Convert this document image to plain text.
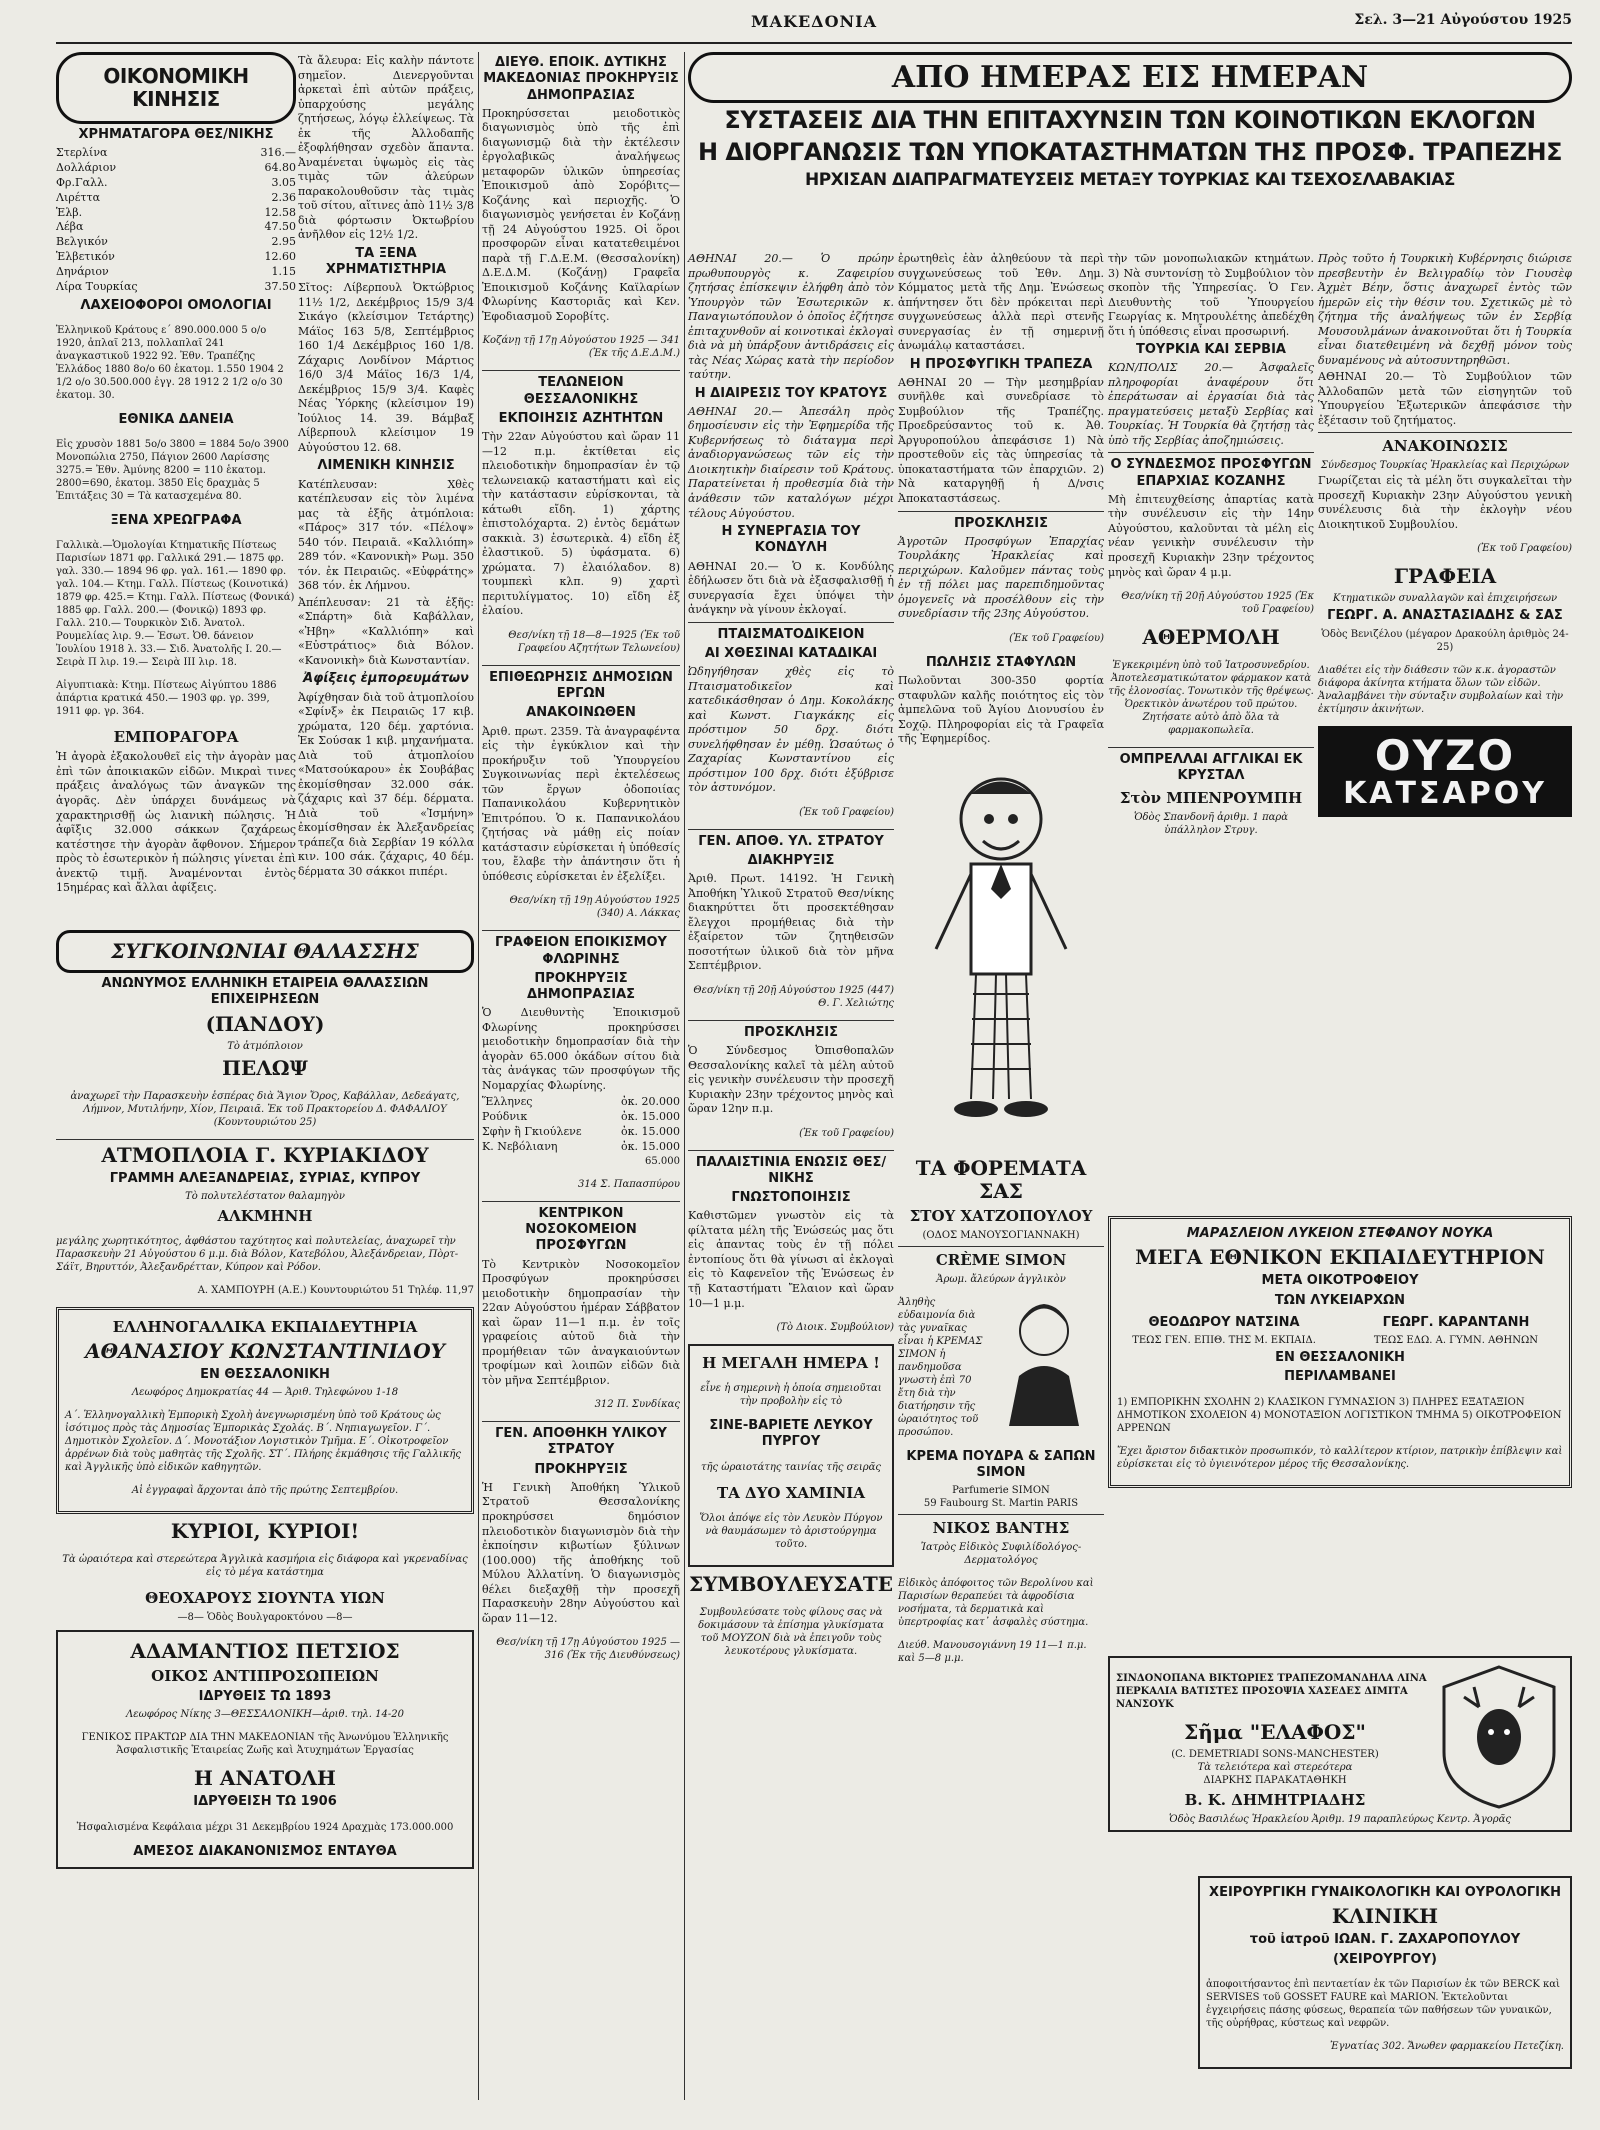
ΜΑΚΕΔΟΝΙΑ	Σελ. 3—21 Αὐγούστου 1925
ΟΙΚΟΝΟΜΙΚΗ ΚΙΝΗΣΙΣ
ΧΡΗΜΑΤΑΓΟΡΑ ΘΕΣ/ΝΙΚΗΣ
Στερλίνα	316.—
Δολλάριον	64.80
Φρ.Γαλλ.	3.05
Λιρέττα	2.36
Ἑλβ.	12.58
Λέβα	47.50
Βελγικόν	2.95
Ἑλβετικόν	12.60
Δηνάριον	1.15
Λίρα Τουρκίας	37.50
ΛΑΧΕΙΟΦΟΡΟΙ ΟΜΟΛΟΓΙΑΙ

Ἑλληνικοῦ Κράτους ε΄ 890.000.000 5 ο/ο 1920, ἀπλαῖ 213, πολλαπλαῖ 241 ἀναγκαστικοῦ 1922 92. Ἐθν. Τραπέζης Ἑλλάδος 1880 8ο/ο 60 ἑκατομ. 1.550 1904 2 1/2 ο/ο 30.500.000 ἐγγ. 28 1912 2 1/2 ο/ο 30 ἑκατομ. 30.

ΕΘΝΙΚΑ ΔΑΝΕΙΑ

Εἰς χρυσὸν 1881 5ο/ο 3800 = 1884 5ο/ο 3900 Μονοπώλια 2750, Πάγιον 2600 Λαρίσσης 3275.= Ἐθν. Ἀμύνης 8200 = 110 ἑκατομ. 2800=690, ἑκατομ. 3850 Εἰς δραχμὰς 5 Ἐπιτάξεις 30 = Τὰ κατασχεμένα 80.

ΞΕΝΑ ΧΡΕΩΓΡΑΦΑ

Γαλλικὰ.—Ὁμολογίαι Κτηματικῆς Πίστεως Παρισίων 1871 φρ. Γαλλικά 291.— 1875 φρ. γαλ. 330.— 1894 96 φρ. γαλ. 161.— 1890 φρ. γαλ. 104.— Κτημ. Γαλλ. Πίστεως (Κοινοτικά) 1879 φρ. 425.= Κτημ. Γαλλ. Πίστεως (Φονικά) 1885 φρ. Γαλλ. 200.— (Φονικῷ) 1893 φρ. Γαλλ. 210.— Τουρκικὸν Σιδ. Ἀνατολ. Ρουμελίας λιρ. 9.— Ἐσωτ. Ὀθ. δάνειον Ἰουλίου 1918 λ. 33.— Σιδ. Ἀνατολῆς Ι. 20.— Σειρὰ Π λιρ. 19.— Σειρὰ ΙΙΙ λιρ. 18.

Αἰγυπτιακὰ: Κτημ. Πίστεως Αἰγύπτου 1886 ἀπάρτια κρατικά 450.— 1903 φρ. γρ. 399, 1911 φρ. γρ. 364.

ΕΜΠΟΡΑΓΟΡΑ

Ἡ ἀγορὰ ἐξακολουθεῖ εἰς τὴν ἀγορὰν μας ἐπὶ τῶν ἀποικιακῶν εἰδῶν. Μικραὶ τινες πράξεις ἀναλόγως τῶν ἀναγκῶν της ἀγορᾶς. Δὲν ὑπάρχει δυνάμεως νὰ χαρακτηρισθῇ ὡς λιανικὴ πώλησις. Ἡ ἀφῖξις 32.000 σάκκων ζαχάρεως κατέστησε τὴν ἀγορὰν ἄφθονον. Σήμερον πρὸς τὸ ἐσωτερικὸν ἡ πώλησις γίνεται ἐπὶ ἀνεκτῷ τιμῇ. Ἀναμένονται ἐντὸς 15ημέρας καὶ ἄλλαι ἀφίξεις.

Τὰ ἄλευρα: Εἰς καλὴν πάντοτε σημεῖον. Διενεργοῦνται ἀρκεταὶ ἐπὶ αὐτῶν πράξεις, ὑπαρχούσης μεγάλης ζητήσεως, λόγῳ ἐλλείψεως. Τὰ ἐκ τῆς Ἀλλοδαπῆς ἐξοφλήθησαν σχεδὸν ἅπαντα. Ἀναμένεται ὑψωμὸς εἰς τὰς τιμὰς τῶν ἀλεύρων παρακολουθοῦσιν τὰς τιμὰς τοῦ σίτου, αἵτινες ἀπὸ 11½ 3/8 διὰ φόρτωσιν Ὀκτωβρίου ἀνῆλθον εἰς 12½ 1/2.

ΤΑ ΞΕΝΑ ΧΡΗΜΑΤΙΣΤΗΡΙΑ

Σῖτος: Λίβερπουλ Ὀκτώβριος 11½ 1/2, Δεκέμβριος 15/9 3/4 Σικάγο (κλείσιμον Τετάρτης) Μάϊος 163 5/8, Σεπτέμβριος 160 1/4 Δεκέμβριος 160 1/8. Ζάχαρις Λονδίνον Μάρτιος 16/0 3/4 Μάϊος 16/3 1/4, Δεκέμβριος 15/9 3/4. Καφὲς Νέας Ὑόρκης (κλείσιμον 19) Ἰούλιος 14. 39. Βάμβαξ Λίβερπουλ κλείσιμον 19 Αὐγούστου 12. 68.

ΛΙΜΕΝΙΚΗ ΚΙΝΗΣΙΣ

Κατέπλευσαν: Χθὲς κατέπλευσαν εἰς τὸν λιμένα μας τὰ ἑξῆς ἀτμόπλοια: «Πάρος» 317 τόν. «Πέλοψ» 540 τόν. Πειραιᾶ. «Καλλιόπη» 289 τόν. «Κανονικὴ» Ρωμ. 350 τόν. ἐκ Πειραιῶς. «Εὐφράτης» 368 τόν. ἐκ Λήμνου.

Ἀπέπλευσαν: 21 τὰ ἑξῆς: «Σπάρτη» διὰ Καβάλλαν, «Ἠβη» «Καλλιόπη» καὶ «Εὐστράτιος» διὰ Βόλον. «Κανονικὴ» διὰ Κωνσταντίαν.

Ἀφίξεις ἐμπορευμάτων

Ἀφίχθησαν διὰ τοῦ ἀτμοπλοίου «Σφίνξ» ἐκ Πειραιῶς 17 κιβ. χρώματα, 120 δέμ. χαρτόνια. Ἐκ Σούσακ 1 κιβ. μηχανήματα. Διὰ τοῦ ἀτμοπλοίου «Ματσούκαρου» ἐκ Σουβάβας ἐκομίσθησαν 32.000 σάκ. ζάχαρις καὶ 37 δέμ. δέρματα. Διὰ τοῦ «Ἰσμήνη» ἐκομίσθησαν ἐκ Ἀλεξανδρείας τράπεζα διὰ Σερβίαν 19 κόλλα κιν. 100 σάκ. ζάχαρις, 40 δέμ. δέρματα 30 σάκκοι πιπέρι.

ΣΥΓΚΟΙΝΩΝΙΑΙ ΘΑΛΑΣΣΗΣ
ΑΝΩΝΥΜΟΣ ΕΛΛΗΝΙΚΗ ΕΤΑΙΡΕΙΑ ΘΑΛΑΣΣΙΩΝ ΕΠΙΧΕΙΡΗΣΕΩΝ
(ΠΑΝΔΟΥ)
Τὸ ἀτμόπλοιον
ΠΕΛΩΨ

ἀναχωρεῖ τὴν Παρασκευὴν ἑσπέρας διὰ Ἅγιον Ὄρος, Καβάλλαν, Δεδεάγατς, Λήμνον, Μυτιλήνην, Χίον, Πειραιᾶ. Ἐκ τοῦ Πρακτορείου Δ. ΦΑΦΑΛΙΟΥ (Κουντουριώτου 25)

ΑΤΜΟΠΛΟΙΑ Γ. ΚΥΡΙΑΚΙΔΟΥ
ΓΡΑΜΜΗ ΑΛΕΞΑΝΔΡΕΙΑΣ, ΣΥΡΙΑΣ, ΚΥΠΡΟΥ
Τὸ πολυτελέστατον θαλαμηγὸν
ΑΛΚΜΗΝΗ

μεγάλης χωρητικότητος, ἀφθάστου ταχύτητος καὶ πολυτελείας, ἀναχωρεῖ τὴν Παρασκευὴν 21 Αὐγούστου 6 μ.μ. διὰ Βόλον, Κατεβόλου, Ἀλεξάνδρειαν, Πὸρτ-Σάϊτ, Βηρυττόν, Ἀλεξανδρέτταν, Κύπρον καὶ Ρόδον.

Α. ΧΑΜΠΟΥΡΗ (Α.Ε.) Κουντουριώτου 51 Τηλέφ. 11,97

ΕΛΛΗΝΟΓΑΛΛΙΚΑ ΕΚΠΑΙΔΕΥΤΗΡΙΑ
ΑΘΑΝΑΣΙΟΥ ΚΩΝΣΤΑΝΤΙΝΙΔΟΥ
ΕΝ ΘΕΣΣΑΛΟΝΙΚΗ
Λεωφόρος Δημοκρατίας 44 — Ἀριθ. Τηλεφώνου 1-18

Α΄. Ἑλληνογαλλικὴ Ἐμπορικὴ Σχολὴ ἀνεγνωρισμένη ὑπὸ τοῦ Κράτους ὡς ἰσότιμος πρὸς τὰς Δημοσίας Ἐμπορικὰς Σχολάς. Β΄. Νηπιαγωγεῖον. Γ΄. Δημοτικὸν Σχολεῖον. Δ΄. Μονοτάξιον Λογιστικὸν Τμῆμα. Ε΄. Οἰκοτροφεῖον ἀρρένων διὰ τοὺς μαθητὰς τῆς Σχολῆς. ΣΤ΄. Πλήρης ἐκμάθησις τῆς Γαλλικῆς καὶ Ἀγγλικῆς ὑπὸ εἰδικῶν καθηγητῶν.

Αἱ ἐγγραφαὶ ἄρχονται ἀπὸ τῆς πρώτης Σεπτεμβρίου.

ΚΥΡΙΟΙ, ΚΥΡΙΟΙ!

Τὰ ὡραιότερα καὶ στερεώτερα Ἀγγλικὰ κασμήρια εἰς διάφορα καὶ γκρεναδίνας εἰς τὸ μέγα κατάστημα

ΘΕΟΧΑΡΟΥΣ ΣΙΟΥΝΤΑ ΥΙΩΝ
—8— Ὁδὸς Βουλγαροκτόνου —8—
ΑΔΑΜΑΝΤΙΟΣ ΠΕΤΣΙΟΣ
ΟΙΚΟΣ ΑΝΤΙΠΡΟΣΩΠΕΙΩΝ
ΙΔΡΥΘΕΙΣ ΤΩ 1893
Λεωφόρος Νίκης 3—ΘΕΣΣΑΛΟΝΙΚΗ—ἀριθ. τηλ. 14-20

ΓΕΝΙΚΟΣ ΠΡΑΚΤΩΡ ΔΙΑ ΤΗΝ ΜΑΚΕΔΟΝΙΑΝ τῆς Ἀνωνύμου Ἑλληνικῆς Ἀσφαλιστικῆς Ἑταιρείας Ζωῆς καὶ Ἀτυχημάτων Ἐργασίας

Η ΑΝΑΤΟΛΗ
ΙΔΡΥΘΕΙΣΗ ΤΩ 1906

Ἠσφαλισμένα Κεφάλαια μέχρι 31 Δεκεμβρίου 1924 Δραχμὰς 173.000.000

ΑΜΕΣΟΣ ΔΙΑΚΑΝΟΝΙΣΜΟΣ ΕΝΤΑΥΘΑ
ΔΙΕΥΘ. ΕΠΟΙΚ. ΔΥΤΙΚΗΣ ΜΑΚΕΔΟΝΙΑΣ ΠΡΟΚΗΡΥΞΙΣ ΔΗΜΟΠΡΑΣΙΑΣ

Προκηρύσσεται μειοδοτικὸς διαγωνισμὸς ὑπὸ τῆς ἐπὶ διαγωνισμῷ διὰ τὴν ἐκτέλεσιν ἐργολαβικῶς ἀναλήψεως μεταφορῶν ὑλικῶν ὑπηρεσίας Ἐποικισμοῦ ἀπὸ Σορόβιτς—Κοζάνης καὶ περιοχῆς. Ὁ διαγωνισμὸς γενήσεται ἐν Κοζάνῃ τῇ 24 Αὐγούστου 1925. Οἱ ὅροι προσφορῶν εἶναι κατατεθειμένοι παρὰ τῇ Γ.Δ.Ε.Μ. (Θεσσαλονίκη) Δ.Ε.Δ.Μ. (Κοζάνῃ) Γραφεῖα Ἐποικισμοῦ Κοζάνης Καϊλαρίων Φλωρίνης Καστοριᾶς καὶ Κεν. Ἐφοδιασμοῦ Σοροβίτς.

Κοζάνῃ τῇ 17ῃ Αὐγούστου 1925 — 341 (Ἐκ τῆς Δ.Ε.Δ.Μ.)

ΤΕΛΩΝΕΙΟΝ ΘΕΣΣΑΛΟΝΙΚΗΣ
ΕΚΠΟΙΗΣΙΣ ΑΖΗΤΗΤΩΝ

Τὴν 22αν Αὐγούστου καὶ ὥραν 11—12 π.μ. ἐκτίθεται εἰς πλειοδοτικὴν δημοπρασίαν ἐν τῷ τελωνειακῷ καταστήματι καὶ εἰς τὴν κατάστασιν εὑρίσκονται, τὰ κάτωθι εἴδη. 1) χάρτης ἐπιστολόχαρτα. 2) ἐντὸς δεμάτων σακκιὰ. 3) ἐσωτερικὰ. 4) εἴδη ἐξ ἐλαστικοῦ. 5) ὑφάσματα. 6) χρώματα. 7) ἐλαιόλαδον. 8) τουμπεκὶ κλπ. 9) χαρτὶ περιτυλίγματος. 10) εἴδη ἐξ ἐλαίου.

Θεσ/νίκη τῇ 18—8—1925 (Ἐκ τοῦ Γραφείου Αζητήτων Τελωνείου)

ΕΠΙΘΕΩΡΗΣΙΣ ΔΗΜΟΣΙΩΝ ΕΡΓΩΝ
ΑΝΑΚΟΙΝΩΘΕΝ

Ἀριθ. πρωτ. 2359. Τὰ ἀναγραφέντα εἰς τὴν ἐγκύκλιον καὶ τὴν προκήρυξιν τοῦ Ὑπουργείου Συγκοινωνίας περὶ ἐκτελέσεως τῶν ἔργων ὁδοποιίας Παπανικολάου Κυβερνητικὸν Ἐπιτρόπου. Ὁ κ. Παπανικολάου ζητήσας νὰ μάθῃ εἰς ποίαν κατάστασιν εὑρίσκεται ἡ ὑπόθεσίς του, ἔλαβε τὴν ἀπάντησιν ὅτι ἡ ὑπόθεσις εὑρίσκεται ἐν ἐξελίξει.

Θεσ/νίκη τῇ 19ῃ Αὐγούστου 1925 (340) Α. Λάκκας

ΓΡΑΦΕΙΟΝ ΕΠΟΙΚΙΣΜΟΥ ΦΛΩΡΙΝΗΣ
ΠΡΟΚΗΡΥΞΙΣ ΔΗΜΟΠΡΑΣΙΑΣ

Ὁ Διευθυντὴς Ἐποικισμοῦ Φλωρίνης προκηρύσσει μειοδοτικὴν δημοπρασίαν διὰ τὴν ἀγορὰν 65.000 ὀκάδων σίτου διὰ τὰς ἀνάγκας τῶν προσφύγων τῆς Νομαρχίας Φλωρίνης.

Ἕλληνες	ὀκ. 20.000
Ρούδνικ	ὀκ. 15.000
Σφὴν ἢ Γκιούλενε	ὀκ. 15.000
Κ. Νεβόλιανη	ὀκ. 15.000
65.000

314 Σ. Παπασπύρου

ΚΕΝΤΡΙΚΟΝ ΝΟΣΟΚΟΜΕΙΟΝ ΠΡΟΣΦΥΓΩΝ

Τὸ Κεντρικὸν Νοσοκομεῖον Προσφύγων προκηρύσσει μειοδοτικὴν δημοπρασίαν τὴν 22αν Αὐγούστου ἡμέραν Σάββατον καὶ ὥραν 11—1 π.μ. ἐν τοῖς γραφείοις αὐτοῦ διὰ τὴν προμήθειαν τῶν ἀναγκαιούντων τροφίμων καὶ λοιπῶν εἰδῶν διὰ τὸν μῆνα Σεπτέμβριον.

312 Π. Συνδίκας

ΓΕΝ. ΑΠΟΘΗΚΗ ΥΛΙΚΟΥ ΣΤΡΑΤΟΥ
ΠΡΟΚΗΡΥΞΙΣ

Ἡ Γενικὴ Ἀποθήκη Ὑλικοῦ Στρατοῦ Θεσσαλονίκης προκηρύσσει δημόσιον πλειοδοτικὸν διαγωνισμὸν διὰ τὴν ἐκποίησιν κιβωτίων ξύλινων (100.000) τῆς ἀποθήκης τοῦ Μύλου Ἀλλατίνη. Ὁ διαγωνισμὸς θέλει διεξαχθῇ τὴν προσεχῆ Παρασκευὴν 28ην Αὐγούστου καὶ ὥραν 11—12.

Θεσ/νίκη τῇ 17ῃ Αὐγούστου 1925 — 316 (Ἐκ τῆς Διευθύνσεως)

ΑΠΟ ΗΜΕΡΑΣ ΕΙΣ ΗΜΕΡΑΝ
ΣΥΣΤΑΣΕΙΣ ΔΙΑ ΤΗΝ ΕΠΙΤΑΧΥΝΣΙΝ ΤΩΝ ΚΟΙΝΟΤΙΚΩΝ ΕΚΛΟΓΩΝ
Η ΔΙΟΡΓΑΝΩΣΙΣ ΤΩΝ ΥΠΟΚΑΤΑΣΤΗΜΑΤΩΝ ΤΗΣ ΠΡΟΣΦ. ΤΡΑΠΕΖΗΣ
ΗΡΧΙΣΑΝ ΔΙΑΠΡΑΓΜΑΤΕΥΣΕΙΣ ΜΕΤΑΞΥ ΤΟΥΡΚΙΑΣ ΚΑΙ ΤΣΕΧΟΣΛΑΒΑΚΙΑΣ

ΑΘΗΝΑΙ 20.— Ὁ πρώην πρωθυπουργὸς κ. Ζαφειρίου ζητήσας ἐπίσκεψιν ἐλήφθη ἀπὸ τὸν Ὑπουργὸν τῶν Ἐσωτερικῶν κ. Παναγιωτόπουλον ὁ ὁποῖος ἐζήτησε ἐπιταχυνθοῦν αἱ κοινοτικαὶ ἐκλογαὶ διὰ νὰ μὴ ὑπάρξουν ἀντιδράσεις εἰς τὰς Νέας Χώρας κατὰ τὴν περίοδον ταύτην.

Η ΔΙΑΙΡΕΣΙΣ ΤΟΥ ΚΡΑΤΟΥΣ

ΑΘΗΝΑΙ 20.— Ἀπεσάλη πρὸς δημοσίευσιν εἰς τὴν Ἐφημερίδα τῆς Κυβερνήσεως τὸ διάταγμα περὶ ἀναδιοργανώσεως τῶν εἰς τὴν Διοικητικὴν διαίρεσιν τοῦ Κράτους. Παρατείνεται ἡ προθεσμία διὰ τὴν ἀνάθεσιν τῶν καταλόγων μέχρι τέλους Αὐγούστου.

Η ΣΥΝΕΡΓΑΣΙΑ ΤΟΥ ΚΟΝΔΥΛΗ

ΑΘΗΝΑΙ 20.— Ὁ κ. Κονδύλης ἐδήλωσεν ὅτι διὰ νὰ ἐξασφαλισθῇ ἡ συνεργασία ἔχει ὑπόψει τὴν ἀνάγκην νὰ γίνουν ἐκλογαί.

ΠΤΑΙΣΜΑΤΟΔΙΚΕΙΟΝ
ΑΙ ΧΘΕΣΙΝΑΙ ΚΑΤΑΔΙΚΑΙ

Ὠδηγήθησαν χθὲς εἰς τὸ Πταισματοδικεῖον καὶ κατεδικάσθησαν ὁ Δημ. Κοκολάκης καὶ Κωνστ. Γιαγκάκης εἰς πρόστιμον 50 δρχ. διότι συνελήφθησαν ἐν μέθῃ. Ὡσαύτως ὁ Ζαχαρίας Κωνσταντίνου εἰς πρόστιμον 100 δρχ. διότι ἐξύβρισε τὸν ἀστυνόμον.

(Ἐκ τοῦ Γραφείου)

ΓΕΝ. ΑΠΟΘ. ΥΛ. ΣΤΡΑΤΟΥ
ΔΙΑΚΗΡΥΞΙΣ

Ἀριθ. Πρωτ. 14192. Ἡ Γενικὴ Ἀποθήκη Ὑλικοῦ Στρατοῦ Θεσ/νίκης διακηρύττει ὅτι προσεκτέθησαν ἔλεγχοι προμήθειας διὰ τὴν ἐξαίρετον τῶν ζητηθεισῶν ποσοτήτων ὑλικοῦ διὰ τὸν μῆνα Σεπτέμβριον.

Θεσ/νίκη τῇ 20ῇ Αὐγούστου 1925 (447) Θ. Γ. Χελιώτης

ΠΡΟΣΚΛΗΣΙΣ

Ὁ Σύνδεσμος Ὀπισθοπαλῶν Θεσσαλονίκης καλεῖ τὰ μέλη αὐτοῦ εἰς γενικὴν συνέλευσιν τὴν προσεχῆ Κυριακὴν 23ην τρέχοντος μηνὸς καὶ ὥραν 12ην π.μ.

(Ἐκ τοῦ Γραφείου)

ΠΑΛΑΙΣΤΙΝΙΑ ΕΝΩΣΙΣ ΘΕΣ/ΝΙΚΗΣ
ΓΝΩΣΤΟΠΟΙΗΣΙΣ

Καθιστῶμεν γνωστὸν εἰς τὰ φίλτατα μέλη τῆς Ἑνώσεώς μας ὅτι εἰς ἀπαντας τοὺς ἐν τῇ πόλει ἐντοπίους ὅτι θὰ γίνωσι αἱ ἐκλογαὶ εἰς τὸ Καφενεῖον τῆς Ἑνώσεως ἐν τῇ Καταστήματι Ἔλαιον καὶ ὥραν 10—1 μ.μ.

(Τὸ Διοικ. Συμβούλιον)

Η ΜΕΓΑΛΗ ΗΜΕΡΑ !

εἶνε ἡ σημερινὴ ἡ ὁποία σημειοῦται τὴν προβολὴν εἰς τὸ

ΣΙΝΕ-ΒΑΡΙΕΤΕ ΛΕΥΚΟΥ ΠΥΡΓΟΥ

τῆς ὡραιοτάτης ταινίας τῆς σειρᾶς

ΤΑ ΔΥΟ ΧΑΜΙΝΙΑ

Ὅλοι ἀπόψε εἰς τὸν Λευκὸν Πύργον νὰ θαυμάσωμεν τὸ ἀριστούργημα τοῦτο.

ΣΥΜΒΟΥΛΕΥΣΑΤΕ

Συμβουλεύσατε τοὺς φίλους σας νὰ δοκιμάσουν τὰ ἐπίσημα γλυκίσματα τοῦ ΜΟΥΖΟΝ διὰ νὰ ἐπειγοῦν τοὺς λευκοτέρους γλυκίσματα.

ἐρωτηθεὶς ἐὰν ἀληθεύουν τὰ περὶ συγχωνεύσεως τοῦ Ἐθν. Δημ. Κόμματος μετὰ τῆς Δημ. Ἑνώσεως ἀπήντησεν ὅτι δὲν πρόκειται περὶ συγχωνεύσεως ἀλλὰ περὶ στενῆς συνεργασίας ἐν τῇ σημερινῇ ἀνωμάλῳ καταστάσει.

Η ΠΡΟΣΦΥΓΙΚΗ ΤΡΑΠΕΖΑ

ΑΘΗΝΑΙ 20 — Τὴν μεσημβρίαν συνῆλθε καὶ συνεδρίασε τὸ Συμβούλιον τῆς Τραπέζης. Προεδρεύσαντος τοῦ κ. Ἀθ. Ἀργυροπούλου ἀπεφάσισε 1) Νὰ προστεθοῦν εἰς τὰς ὑπηρεσίας τὰ ὑποκαταστήματα τῶν ἐπαρχιῶν. 2) Νὰ καταργηθῇ ἡ Δ/νσις Ἀποκαταστάσεως.

ΠΡΟΣΚΛΗΣΙΣ

Ἀγροτῶν Προσφύγων Ἐπαρχίας Τουρλάκης Ἠρακλείας καὶ περιχώρων. Καλοῦμεν πάντας τοὺς ἐν τῇ πόλει μας παρεπιδημοῦντας ὁμογενεῖς νὰ προσέλθουν εἰς τὴν συνεδρίασιν τῆς 23ης Αὐγούστου.

(Ἐκ τοῦ Γραφείου)

ΠΩΛΗΣΙΣ ΣΤΑΦΥΛΩΝ

Πωλοῦνται 300-350 φορτία σταφυλῶν καλῆς ποιότητος εἰς τὸν ἀμπελῶνα τοῦ Ἁγίου Διονυσίου ἐν Σοχῷ. Πληροφορίαι εἰς τὰ Γραφεῖα τῆς Ἐφημερίδος.

ΤΑ ΦΟΡΕΜΑΤΑ ΣΑΣ
ΣΤΟΥ ΧΑΤΖΟΠΟΥΛΟΥ
(ΟΔΟΣ ΜΑΝΟΥΣΟΓΙΑΝΝΑΚΗ)
CRÈME SIMON
Ἀρωμ. ἄλεύρων ἀγγλικὸν

Ἀληθὴς εὐδαιμονία διὰ τὰς γυναῖκας εἶναι ἡ ΚΡΕΜΑΣ ΣΙΜΟΝ ἡ πανδημοῦσα γνωστὴ ἐπὶ 70 ἔτη διὰ τὴν διατήρησιν τῆς ὡραιότητος τοῦ προσώπου.

ΚΡΕΜΑ ΠΟΥΔΡΑ & ΣΑΠΩΝ SIMON
Parfumerie SIMON
59 Faubourg St. Martin PARIS
ΝΙΚΟΣ ΒΑΝΤΗΣ
Ἰατρὸς Εἰδικὸς Συφιλίδολόγος-Δερματολόγος

Εἰδικὸς ἀπόφοιτος τῶν Βερολίνου καὶ Παρισίων θεραπεύει τὰ ἀφροδίσια νοσήματα, τὰ δερματικὰ καὶ ὑπερτροφίας κατ᾽ ἀσφαλὲς σύστημα.

Διεύθ. Μανουσογιάννη 19 11—1 π.μ. καὶ 5—8 μ.μ.

τὴν τῶν μονοπωλιακῶν κτημάτων. 3) Νὰ συντονίσῃ τὸ Συμβούλιον τὸν σκοπὸν τῆς Ὑπηρεσίας. Ὁ Γεν. Διευθυντὴς τοῦ Ὑπουργείου Γεωργίας κ. Μητρουλέτης ἀπεδέχθη ὅτι ἡ ὑπόθεσις εἶναι προσωρινή.

ΤΟΥΡΚΙΑ ΚΑΙ ΣΕΡΒΙΑ

ΚΩΝ/ΠΟΛΙΣ 20.— Ἀσφαλεῖς πληροφορίαι ἀναφέρουν ὅτι ἐπεράτωσαν αἱ ἐργασίαι διὰ τὰς πραγματεύσεις μεταξὺ Σερβίας καὶ Τουρκίας. Ἡ Τουρκία θὰ ζητήσῃ τὰς ὑπὸ τῆς Σερβίας ἀποζημιώσεις.

Ο ΣΥΝΔΕΣΜΟΣ ΠΡΟΣΦΥΓΩΝ ΕΠΑΡΧΙΑΣ ΚΟΖΑΝΗΣ

Μὴ ἐπιτευχθείσης ἀπαρτίας κατὰ τὴν συνέλευσιν εἰς τὴν 14ην Αὐγούστου, καλοῦνται τὰ μέλη εἰς νέαν γενικὴν συνέλευσιν τὴν προσεχῆ Κυριακὴν 23ην τρέχοντος μηνὸς καὶ ὥραν 4 μ.μ.

Θεσ/νίκη τῇ 20ῇ Αὐγούστου 1925 (Ἐκ τοῦ Γραφείου)

ΑΘΕΡΜΟΛΗ

Ἐγκεκριμένη ὑπὸ τοῦ Ἰατροσυνεδρίου. Ἀποτελεσματικώτατον φάρμακον κατὰ τῆς ἑλονοσίας. Τονωτικὸν τῆς θρέψεως. Ὀρεκτικὸν ἀνωτέρου τοῦ πρώτου. Ζητήσατε αὐτὸ ἀπὸ ὅλα τὰ φαρμακοπωλεῖα.

ΟΜΠΡΕΛΛΑΙ ΑΓΓΛΙΚΑΙ ΕΚ ΚΡΥΣΤΑΛ
Στὸν ΜΠΕΝΡΟΥΜΠΗ
Ὁδὸς Σπανδονῆ ἀριθμ. 1 παρὰ ὑπάλληλον Στρυγ.

Πρὸς τοῦτο ἡ Τουρκικὴ Κυβέρνησις διώρισε πρεσβευτὴν ἐν Βελιγραδίῳ τὸν Γιουσὲφ Ἀχμὲτ Βέην, ὅστις ἀναχωρεῖ ἐντὸς τῶν ἡμερῶν εἰς τὴν θέσιν του. Σχετικῶς μὲ τὸ ζήτημα τῆς ἀναλήψεως τῶν ἐν Σερβίᾳ Μουσουλμάνων ἀνακοινοῦται ὅτι ἡ Τουρκία εἶναι διατεθειμένη νὰ δεχθῇ μόνον τοὺς δυναμένους νὰ αὐτοσυντηρηθῶσι.

ΑΘΗΝΑΙ 20.— Τὸ Συμβούλιον τῶν Ἀλλοδαπῶν μετὰ τῶν εἰσηγητῶν τοῦ Ὑπουργείου Ἐξωτερικῶν ἀπεφάσισε τὴν ἐξέτασιν τοῦ ζητήματος.

ΑΝΑΚΟΙΝΩΣΙΣ
Σύνδεσμος Τουρκίας Ἡρακλείας καὶ Περιχώρων

Γνωρίζεται εἰς τὰ μέλη ὅτι συγκαλεῖται τὴν προσεχῆ Κυριακὴν 23ην Αὐγούστου γενικὴ συνέλευσις διὰ τὴν ἐκλογὴν νέου Διοικητικοῦ Συμβουλίου.

(Ἐκ τοῦ Γραφείου)

ΓΡΑΦΕΙΑ
Κτηματικῶν συναλλαγῶν καὶ ἐπιχειρήσεων
ΓΕΩΡΓ. Α. ΑΝΑΣΤΑΣΙΑΔΗΣ & ΣΑΣ
Ὁδὸς Βενιζέλου (μέγαρον Δρακούλη ἀριθμὸς 24-25)

Διαθέτει εἰς τὴν διάθεσιν τῶν κ.κ. ἀγοραστῶν διάφορα ἀκίνητα κτήματα ὅλων τῶν εἰδῶν. Ἀναλαμβάνει τὴν σύνταξιν συμβολαίων καὶ τὴν ἐκτίμησιν ἀκινήτων.

ΟΥΖΟ
ΚΑΤΣΑΡΟΥ
ΜΑΡΑΣΛΕΙΟΝ ΛΥΚΕΙΟΝ ΣΤΕΦΑΝΟΥ ΝΟΥΚΑ
ΜΕΓΑ ΕΘΝΙΚΟΝ ΕΚΠΑΙΔΕΥΤΗΡΙΟΝ
ΜΕΤΑ ΟΙΚΟΤΡΟΦΕΙΟΥ
ΤΩΝ ΛΥΚΕΙΑΡΧΩΝ
ΘΕΟΔΩΡΟΥ ΝΑΤΣΙΝΑ
ΤΕΩΣ ΓΕΝ. ΕΠΙΘ. ΤΗΣ Μ. ΕΚΠΑΙΔ.
ΓΕΩΡΓ. ΚΑΡΑΝΤΑΝΗ
ΤΕΩΣ ΕΔΩ. Α. ΓΥΜΝ. ΑΘΗΝΩΝ
ΕΝ ΘΕΣΣΑΛΟΝΙΚΗ
ΠΕΡΙΛΑΜΒΑΝΕΙ

1) ΕΜΠΟΡΙΚΗΝ ΣΧΟΛΗΝ 2) ΚΛΑΣΙΚΟΝ ΓΥΜΝΑΣΙΟΝ 3) ΠΛΗΡΕΣ ΕΞΑΤΑΞΙΟΝ ΔΗΜΟΤΙΚΟΝ ΣΧΟΛΕΙΟΝ 4) ΜΟΝΟΤΑΞΙΟΝ ΛΟΓΙΣΤΙΚΟΝ ΤΜΗΜΑ 5) ΟΙΚΟΤΡΟΦΕΙΟΝ ΑΡΡΕΝΩΝ

Ἔχει ἄριστον διδακτικὸν προσωπικόν, τὸ καλλίτερον κτίριον, πατρικὴν ἐπίβλεψιν καὶ εὑρίσκεται εἰς τὸ ὑγιεινότερον μέρος τῆς Θεσσαλονίκης.

ΣΙΝΔΟΝΟΠΑΝΑ ΒΙΚΤΩΡΙΕΣ ΤΡΑΠΕΖΟΜΑΝΔΗΛΑ ΛΙΝΑ ΠΕΡΚΑΛΙΑ ΒΑΤΙΣΤΕΣ ΠΡΟΣΟΨΙΑ ΧΑΣΕΔΕΣ ΔΙΜΙΤΑ ΝΑΝΣΟΥΚ

Σῆμα "ΕΛΑΦΟΣ"
(C. DEMETRIADI SONS-MANCHESTER)
Τὰ τελειότερα καὶ στερεότερα
ΔΙΑΡΚΗΣ ΠΑΡΑΚΑΤΑΘΗΚΗ
Β. Κ. ΔΗΜΗΤΡΙΑΔΗΣ
Ὁδὸς Βασιλέως Ἡρακλείου Ἀριθμ. 19 παραπλεύρως Κεντρ. Ἀγορᾶς
ΧΕΙΡΟΥΡΓΙΚΗ ΓΥΝΑΙΚΟΛΟΓΙΚΗ ΚΑΙ ΟΥΡΟΛΟΓΙΚΗ
ΚΛΙΝΙΚΗ
τοῦ ἰατροῦ ΙΩΑΝ. Γ. ΖΑΧΑΡΟΠΟΥΛΟΥ
(ΧΕΙΡΟΥΡΓΟΥ)

ἀποφοιτήσαντος ἐπὶ πενταετίαν ἐκ τῶν Παρισίων ἐκ τῶν BERCK καὶ SERVISES τοῦ GOSSET FAURE καὶ MARION. Ἐκτελοῦνται ἐγχειρήσεις πάσης φύσεως, θεραπεία τῶν παθήσεων τῶν γυναικῶν, τῆς οὐρήθρας, κύστεως καὶ νεφρῶν.

Ἐγνατίας 302. Ἄνωθεν φαρμακείου Πετεζίκη.
